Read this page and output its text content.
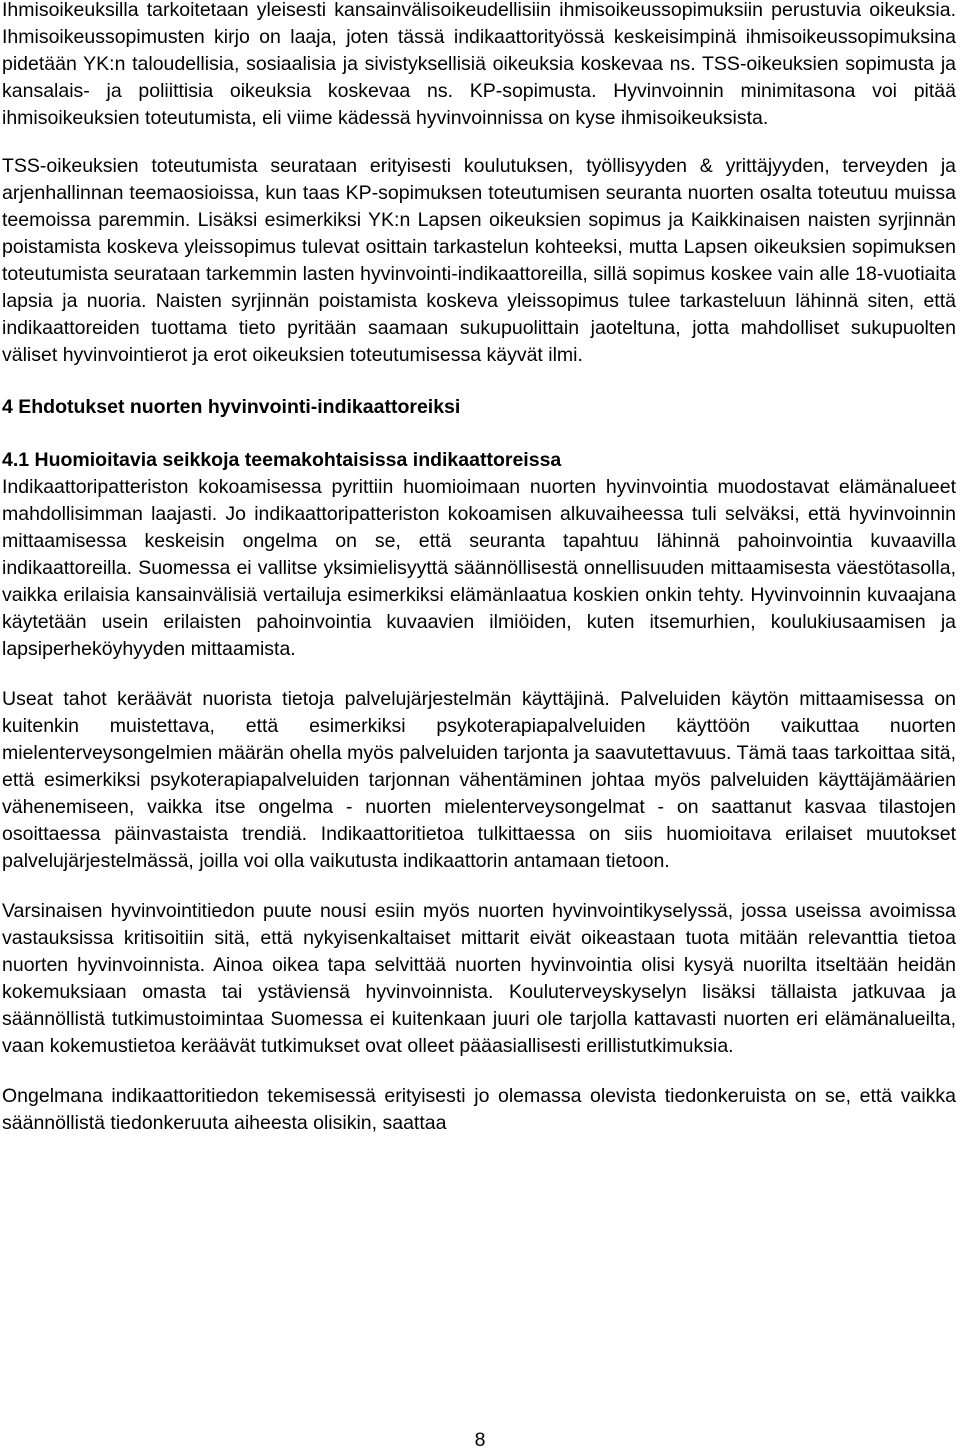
Ihmisoikeuksilla tarkoitetaan yleisesti kansainvälisoikeudellisiin ihmisoikeussopimuksiin perustuvia oikeuksia. Ihmisoikeussopimusten kirjo on laaja, joten tässä indikaattorityössä keskeisimpinä ihmisoikeussopimuksina pidetään YK:n taloudellisia, sosiaalisia ja sivistyksellisiä oikeuksia koskevaa ns. TSS-oikeuksien sopimusta ja kansalais- ja poliittisia oikeuksia koskevaa ns. KP-sopimusta. Hyvinvoinnin minimitasona voi pitää ihmisoikeuksien toteutumista, eli viime kädessä hyvinvoinnissa on kyse ihmisoikeuksista.

TSS-oikeuksien toteutumista seurataan erityisesti koulutuksen, työllisyyden & yrittäjyyden, terveyden ja arjenhallinnan teemaosioissa, kun taas KP-sopimuksen toteutumisen seuranta nuorten osalta toteutuu muissa teemoissa paremmin. Lisäksi esimerkiksi YK:n Lapsen oikeuksien sopimus ja Kaikkinaisen naisten syrjinnän poistamista koskeva yleissopimus tulevat osittain tarkastelun kohteeksi, mutta Lapsen oikeuksien sopimuksen toteutumista seurataan tarkemmin lasten hyvinvointi-indikaattoreilla, sillä sopimus koskee vain alle 18-vuotiaita lapsia ja nuoria. Naisten syrjinnän poistamista koskeva yleissopimus tulee tarkasteluun lähinnä siten, että indikaattoreiden tuottama tieto pyritään saamaan sukupuolittain jaoteltuna, jotta mahdolliset sukupuolten väliset hyvinvointierot ja erot oikeuksien toteutumisessa käyvät ilmi.

4 Ehdotukset nuorten hyvinvointi-indikaattoreiksi
4.1 Huomioitavia seikkoja teemakohtaisissa indikaattoreissa

Indikaattoripatteriston kokoamisessa pyrittiin huomioimaan nuorten hyvinvointia muodostavat elämänalueet mahdollisimman laajasti. Jo indikaattoripatteriston kokoamisen alkuvaiheessa tuli selväksi, että hyvinvoinnin mittaamisessa keskeisin ongelma on se, että seuranta tapahtuu lähinnä pahoinvointia kuvaavilla indikaattoreilla. Suomessa ei vallitse yksimielisyyttä säännöllisestä onnellisuuden mittaamisesta väestötasolla, vaikka erilaisia kansainvälisiä vertailuja esimerkiksi elämänlaatua koskien onkin tehty. Hyvinvoinnin kuvaajana käytetään usein erilaisten pahoinvointia kuvaavien ilmiöiden, kuten itsemurhien, koulukiusaamisen ja lapsiperheköyhyyden mittaamista.

Useat tahot keräävät nuorista tietoja palvelujärjestelmän käyttäjinä. Palveluiden käytön mittaamisessa on kuitenkin muistettava, että esimerkiksi psykoterapiapalveluiden käyttöön vaikuttaa nuorten mielenterveysongelmien määrän ohella myös palveluiden tarjonta ja saavutettavuus. Tämä taas tarkoittaa sitä, että esimerkiksi psykoterapiapalveluiden tarjonnan vähentäminen johtaa myös palveluiden käyttäjämäärien vähenemiseen, vaikka itse ongelma - nuorten mielenterveysongelmat - on saattanut kasvaa tilastojen osoittaessa päinvastaista trendiä. Indikaattoritietoa tulkittaessa on siis huomioitava erilaiset muutokset palvelujärjestelmässä, joilla voi olla vaikutusta indikaattorin antamaan tietoon.

Varsinaisen hyvinvointitiedon puute nousi esiin myös nuorten hyvinvointikyselyssä, jossa useissa avoimissa vastauksissa kritisoitiin sitä, että nykyisenkaltaiset mittarit eivät oikeastaan tuota mitään relevanttia tietoa nuorten hyvinvoinnista. Ainoa oikea tapa selvittää nuorten hyvinvointia olisi kysyä nuorilta itseltään heidän kokemuksiaan omasta tai ystäviensä hyvinvoinnista. Kouluterveyskyselyn lisäksi tällaista jatkuvaa ja säännöllistä tutkimustoimintaa Suomessa ei kuitenkaan juuri ole tarjolla kattavasti nuorten eri elämänalueilta, vaan kokemustietoa keräävät tutkimukset ovat olleet pääasiallisesti erillistutkimuksia.

Ongelmana indikaattoritiedon tekemisessä erityisesti jo olemassa olevista tiedonkeruista on se, että vaikka säännöllistä tiedonkeruuta aiheesta olisikin, saattaa

8
